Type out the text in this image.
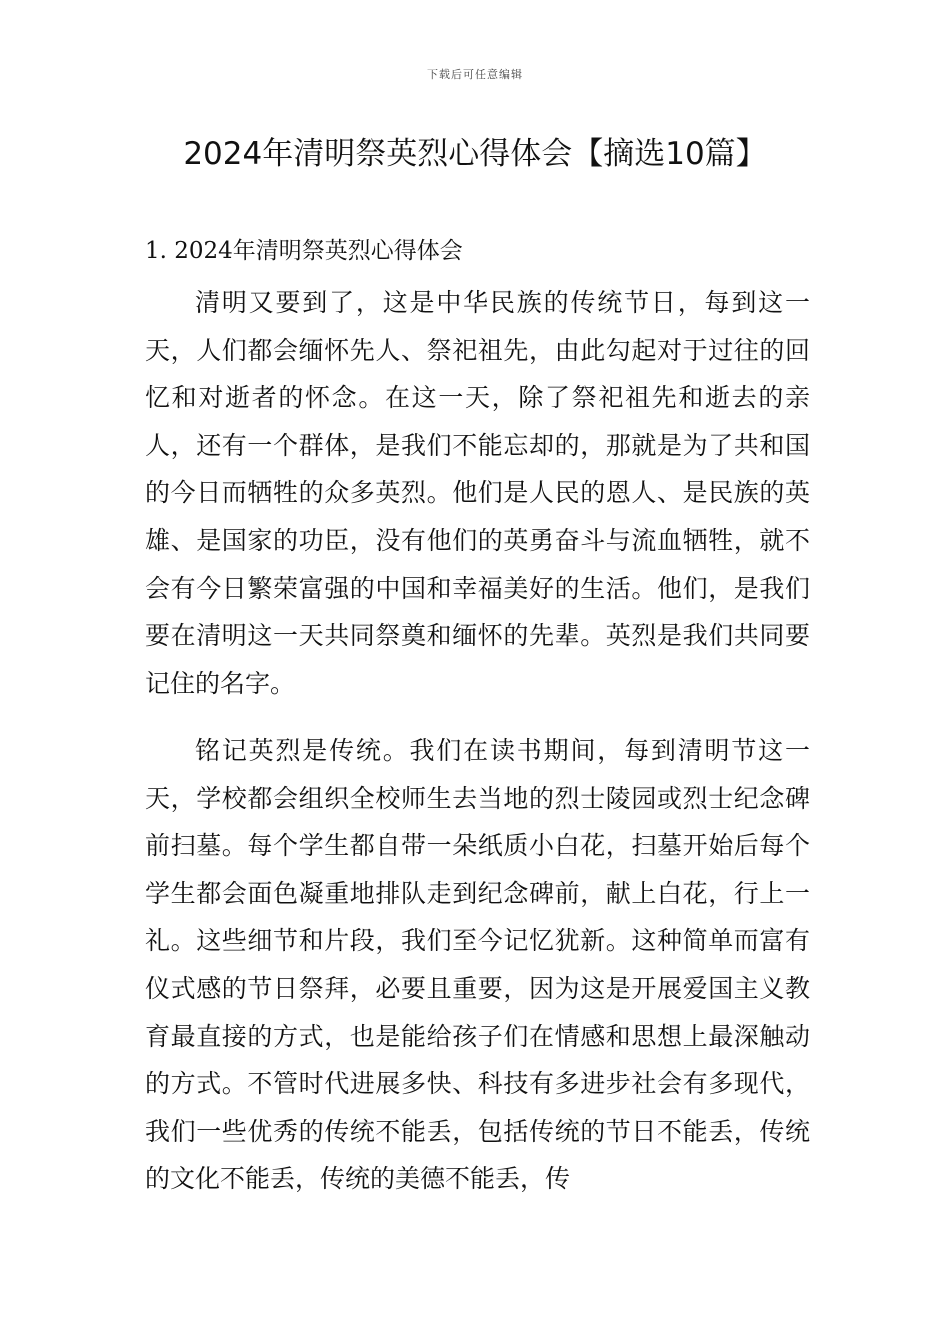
下载后可任意编辑
2024年清明祭英烈心得体会【摘选10篇】
1. 2024年清明祭英烈心得体会

清明又要到了，这是中华民族的传统节日，每到这一天，人们都会缅怀先人、祭祀祖先，由此勾起对于过往的回忆和对逝者的怀念。在这一天，除了祭祀祖先和逝去的亲人，还有一个群体，是我们不能忘却的，那就是为了共和国的今日而牺牲的众多英烈。他们是人民的恩人、是民族的英雄、是国家的功臣，没有他们的英勇奋斗与流血牺牲，就不会有今日繁荣富强的中国和幸福美好的生活。他们，是我们要在清明这一天共同祭奠和缅怀的先辈。英烈是我们共同要记住的名字。

铭记英烈是传统。我们在读书期间，每到清明节这一天，学校都会组织全校师生去当地的烈士陵园或烈士纪念碑前扫墓。每个学生都自带一朵纸质小白花，扫墓开始后每个学生都会面色凝重地排队走到纪念碑前，献上白花，行上一礼。这些细节和片段，我们至今记忆犹新。这种简单而富有仪式感的节日祭拜，必要且重要，因为这是开展爱国主义教育最直接的方式，也是能给孩子们在情感和思想上最深触动的方式。不管时代进展多快、科技有多进步社会有多现代，我们一些优秀的传统不能丢，包括传统的节日不能丢，传统的文化不能丢，传统的美德不能丢，传
